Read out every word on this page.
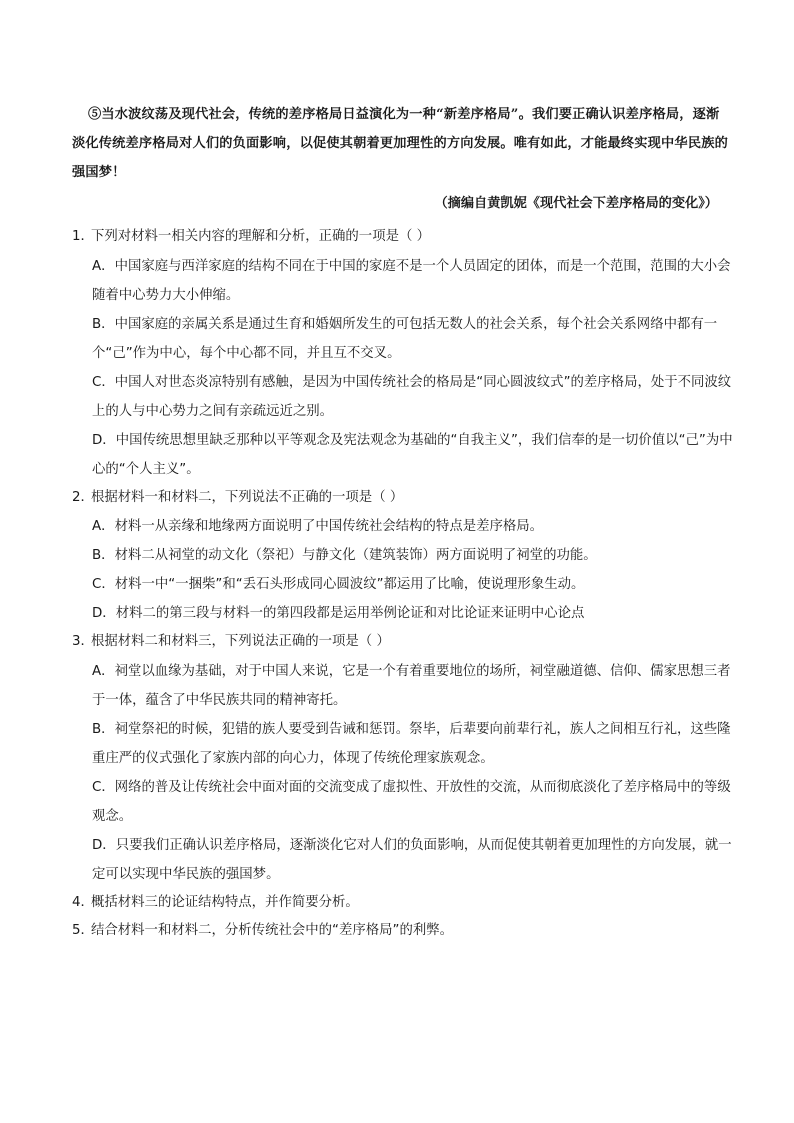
⑤当水波纹荡及现代社会，传统的差序格局日益演化为一种“新差序格局”。我们要正确认识差序格局，逐渐淡化传统差序格局对人们的负面影响，以促使其朝着更加理性的方向发展。唯有如此，才能最终实现中华民族的强国梦！
（摘编自黄凯妮《现代社会下差序格局的变化》）
1．下列对材料一相关内容的理解和分析，正确的一项是（ ）
A．中国家庭与西洋家庭的结构不同在于中国的家庭不是一个人员固定的团体，而是一个范围，范围的大小会随着中心势力大小伸缩。
B．中国家庭的亲属关系是通过生育和婚姻所发生的可包括无数人的社会关系，每个社会关系网络中都有一个“己”作为中心，每个中心都不同，并且互不交叉。
C．中国人对世态炎凉特别有感触，是因为中国传统社会的格局是“同心圆波纹式”的差序格局，处于不同波纹上的人与中心势力之间有亲疏远近之别。
D．中国传统思想里缺乏那种以平等观念及宪法观念为基础的“自我主义”，我们信奉的是一切价值以“己”为中心的“个人主义”。
2．根据材料一和材料二，下列说法不正确的一项是（ ）
A．材料一从亲缘和地缘两方面说明了中国传统社会结构的特点是差序格局。
B．材料二从祠堂的动文化（祭祀）与静文化（建筑装饰）两方面说明了祠堂的功能。
C．材料一中“一捆柴”和“丢石头形成同心圆波纹”都运用了比喻，使说理形象生动。
D．材料二的第三段与材料一的第四段都是运用举例论证和对比论证来证明中心论点
3．根据材料二和材料三，下列说法正确的一项是（ ）
A．祠堂以血缘为基础，对于中国人来说，它是一个有着重要地位的场所，祠堂融道德、信仰、儒家思想三者于一体，蕴含了中华民族共同的精神寄托。
B．祠堂祭祀的时候，犯错的族人要受到告诫和惩罚。祭毕，后辈要向前辈行礼，族人之间相互行礼，这些隆重庄严的仪式强化了家族内部的向心力，体现了传统伦理家族观念。
C．网络的普及让传统社会中面对面的交流变成了虚拟性、开放性的交流，从而彻底淡化了差序格局中的等级观念。
D．只要我们正确认识差序格局，逐渐淡化它对人们的负面影响，从而促使其朝着更加理性的方向发展，就一定可以实现中华民族的强国梦。
4．概括材料三的论证结构特点，并作简要分析。
5．结合材料一和材料二，分析传统社会中的“差序格局”的利弊。
